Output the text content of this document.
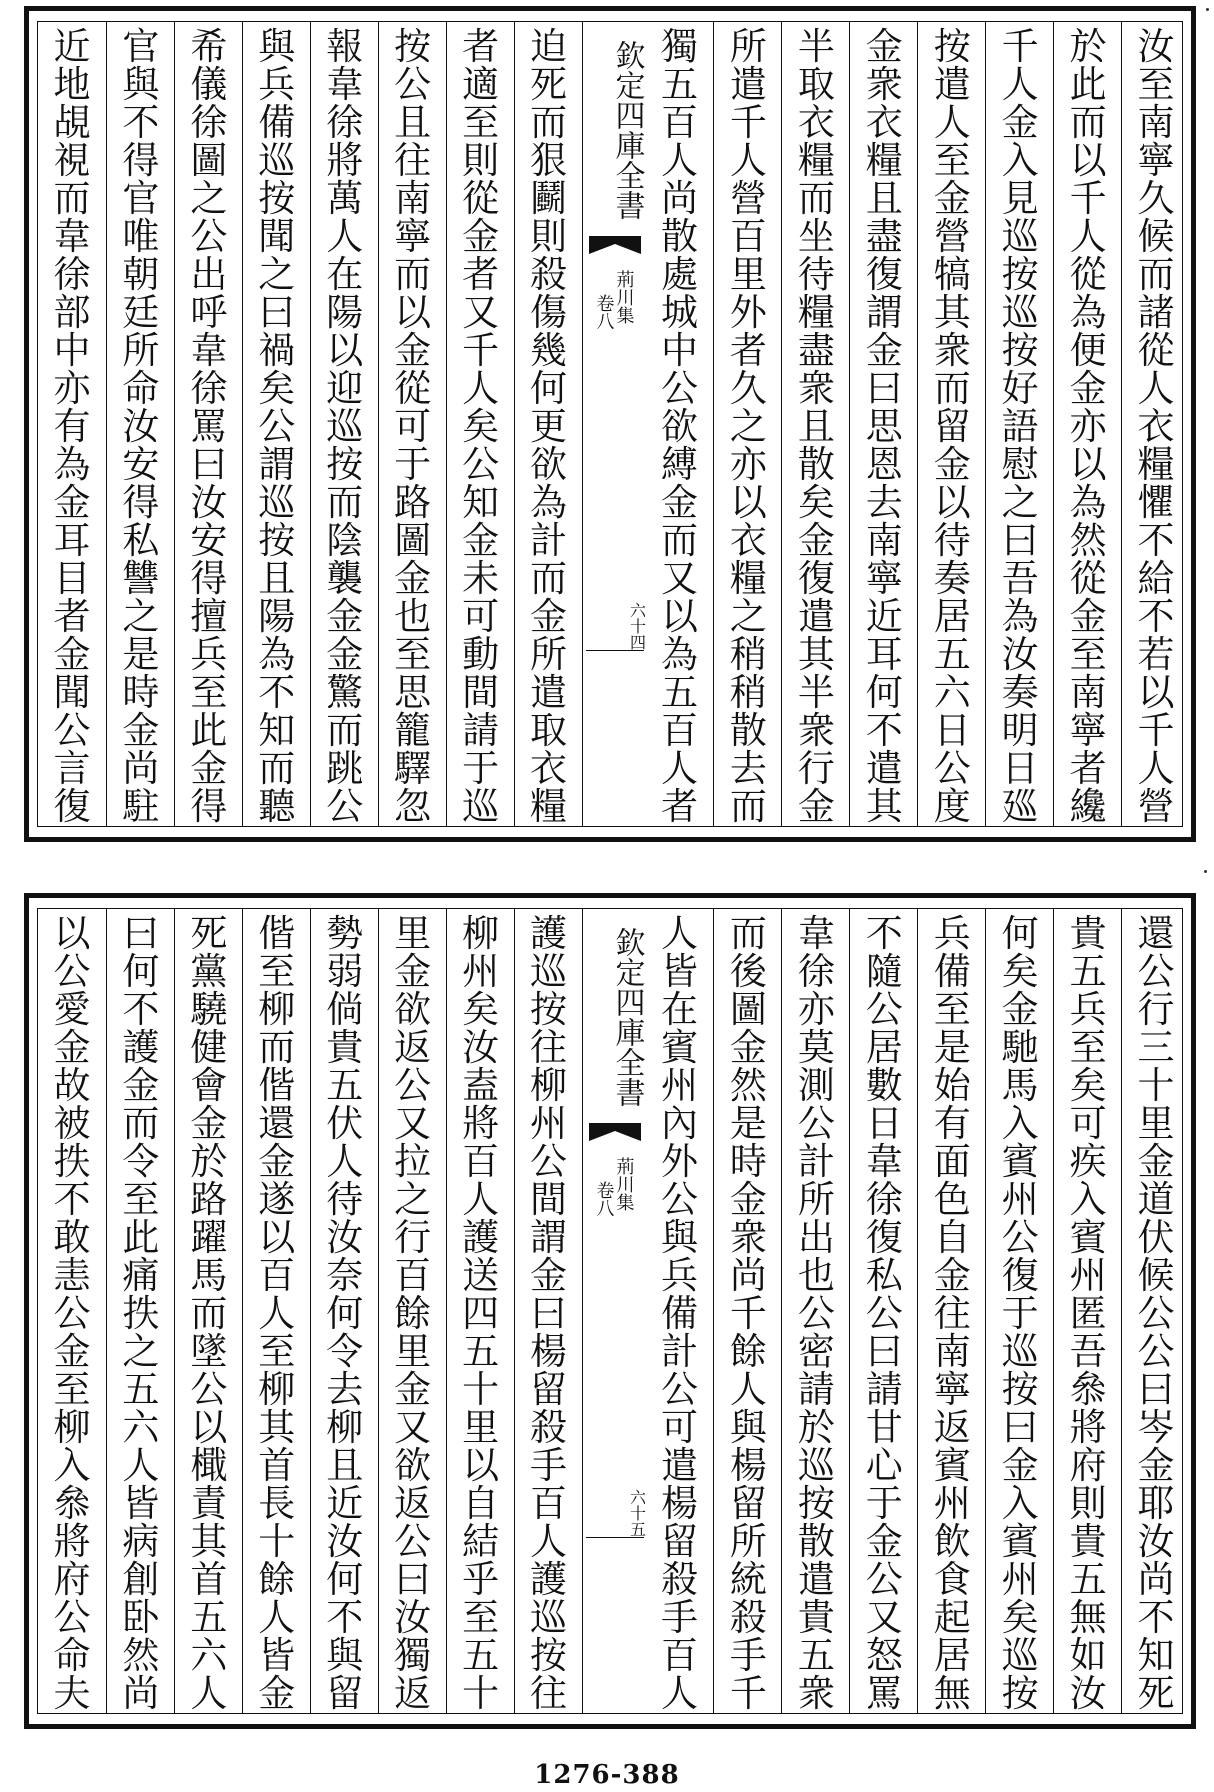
汝
至
南
寧
久
候
而
諸
從
人
衣
糧
懼
不
給
不
若
以
千
人
營
於
此
而
以
千
人
從
為
便
金
亦
以
為
然
從
金
至
南
寧
者
纔
千
人
金
入
見
巡
按
巡
按
好
語
慰
之
曰
吾
為
汝
奏
明
日
廵
按
遣
人
至
金
營
犒
其
衆
而
留
金
以
待
奏
居
五
六
日
公
度
金
衆
衣
糧
且
盡
復
謂
金
曰
思
恩
去
南
寧
近
耳
何
不
遣
其
半
取
衣
糧
而
坐
待
糧
盡
衆
且
散
矣
金
復
遣
其
半
衆
行
金
所
遣
千
人
營
百
里
外
者
久
之
亦
以
衣
糧
之
稍
稍
散
去
而
獨
五
百
人
尚
散
處
城
中
公
欲
縛
金
而
又
以
為
五
百
人
者
欽定四庫全書
荊川集
卷八
六十四
迫
死
而
狠
鬬
則
殺
傷
幾
何
更
欲
為
計
而
金
所
遣
取
衣
糧
者
適
至
則
從
金
者
又
千
人
矣
公
知
金
未
可
動
間
請
于
巡
按
公
且
往
南
寧
而
以
金
從
可
于
路
圖
金
也
至
思
籠
驛
忽
報
韋
徐
將
萬
人
在
陽
以
迎
巡
按
而
陰
襲
金
金
驚
而
跳
公
與
兵
備
巡
按
聞
之
曰
禍
矣
公
謂
巡
按
且
陽
為
不
知
而
聽
希
儀
徐
圖
之
公
出
呼
韋
徐
罵
曰
汝
安
得
擅
兵
至
此
金
得
官
與
不
得
官
唯
朝
廷
所
命
汝
安
得
私
讐
之
是
時
金
尚
駐
近
地
覘
視
而
韋
徐
部
中
亦
有
為
金
耳
目
者
金
聞
公
言
復
還
公
行
三
十
里
金
道
伏
候
公
公
曰
岑
金
耶
汝
尚
不
知
死
貴
五
兵
至
矣
可
疾
入
賓
州
匿
吾
叅
將
府
則
貴
五
無
如
汝
何
矣
金
馳
馬
入
賓
州
公
復
于
巡
按
曰
金
入
賓
州
矣
巡
按
兵
備
至
是
始
有
面
色
自
金
往
南
寧
返
賓
州
飲
食
起
居
無
不
隨
公
居
數
日
韋
徐
復
私
公
曰
請
甘
心
于
金
公
又
怒
罵
韋
徐
亦
莫
測
公
計
所
出
也
公
密
請
於
巡
按
散
遣
貴
五
衆
而
後
圖
金
然
是
時
金
衆
尚
千
餘
人
與
楊
留
所
統
殺
手
千
人
皆
在
賓
州
內
外
公
與
兵
備
計
公
可
遣
楊
留
殺
手
百
人
欽定四庫全書
荊川集
卷八
六十五
護
巡
按
往
柳
州
公
間
謂
金
曰
楊
留
殺
手
百
人
護
巡
按
往
柳
州
矣
汝
盍
將
百
人
護
送
四
五
十
里
以
自
結
乎
至
五
十
里
金
欲
返
公
又
拉
之
行
百
餘
里
金
又
欲
返
公
曰
汝
獨
返
勢
弱
倘
貴
五
伏
人
待
汝
奈
何
令
去
柳
且
近
汝
何
不
與
留
偕
至
柳
而
偕
還
金
遂
以
百
人
至
柳
其
首
長
十
餘
人
皆
金
死
黨
驍
健
會
金
於
路
躍
馬
而
墜
公
以
檝
責
其
首
五
六
人
曰
何
不
護
金
而
令
至
此
痛
抶
之
五
六
人
皆
病
創
卧
然
尚
以
公
愛
金
故
被
抶
不
敢
恚
公
金
至
柳
入
叅
將
府
公
命
夫
1276-388
